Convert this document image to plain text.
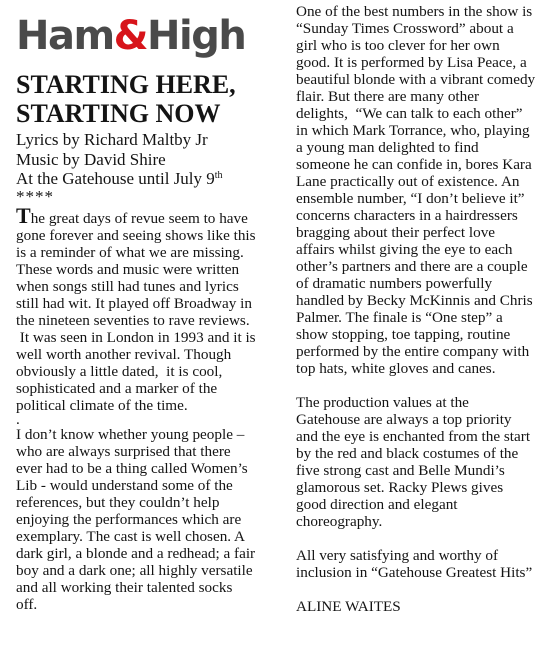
Ham&High
STARTING HERE,
STARTING NOW
Lyrics by Richard Maltby Jr
Music by David Shire
At the Gatehouse until July 9th
****
The great days of revue seem to have
gone forever and seeing shows like this
is a reminder of what we are missing.
These words and music were written
when songs still had tunes and lyrics
still had wit. It played off Broadway in
the nineteen seventies to rave reviews.
It was seen in London in 1993 and it is
well worth another revival. Though
obviously a little dated,  it is cool,
sophisticated and a marker of the
political climate of the time.
.
I don’t know whether young people –
who are always surprised that there
ever had to be a thing called Women’s
Lib - would understand some of the
references, but they couldn’t help
enjoying the performances which are
exemplary. The cast is well chosen. A
dark girl, a blonde and a redhead; a fair
boy and a dark one; all highly versatile
and all working their talented socks
off.
One of the best numbers in the show is
“Sunday Times Crossword” about a
girl who is too clever for her own
good. It is performed by Lisa Peace, a
beautiful blonde with a vibrant comedy
flair. But there are many other
delights,  “We can talk to each other”
in which Mark Torrance, who, playing
a young man delighted to find
someone he can confide in, bores Kara
Lane practically out of existence. An
ensemble number, “I don’t believe it”
concerns characters in a hairdressers
bragging about their perfect love
affairs whilst giving the eye to each
other’s partners and there are a couple
of dramatic numbers powerfully
handled by Becky McKinnis and Chris
Palmer. The finale is “One step” a
show stopping, toe tapping, routine
performed by the entire company with
top hats, white gloves and canes.
The production values at the
Gatehouse are always a top priority
and the eye is enchanted from the start
by the red and black costumes of the
five strong cast and Belle Mundi’s
glamorous set. Racky Plews gives
good direction and elegant
choreography.
All very satisfying and worthy of
inclusion in “Gatehouse Greatest Hits”
ALINE WAITES
